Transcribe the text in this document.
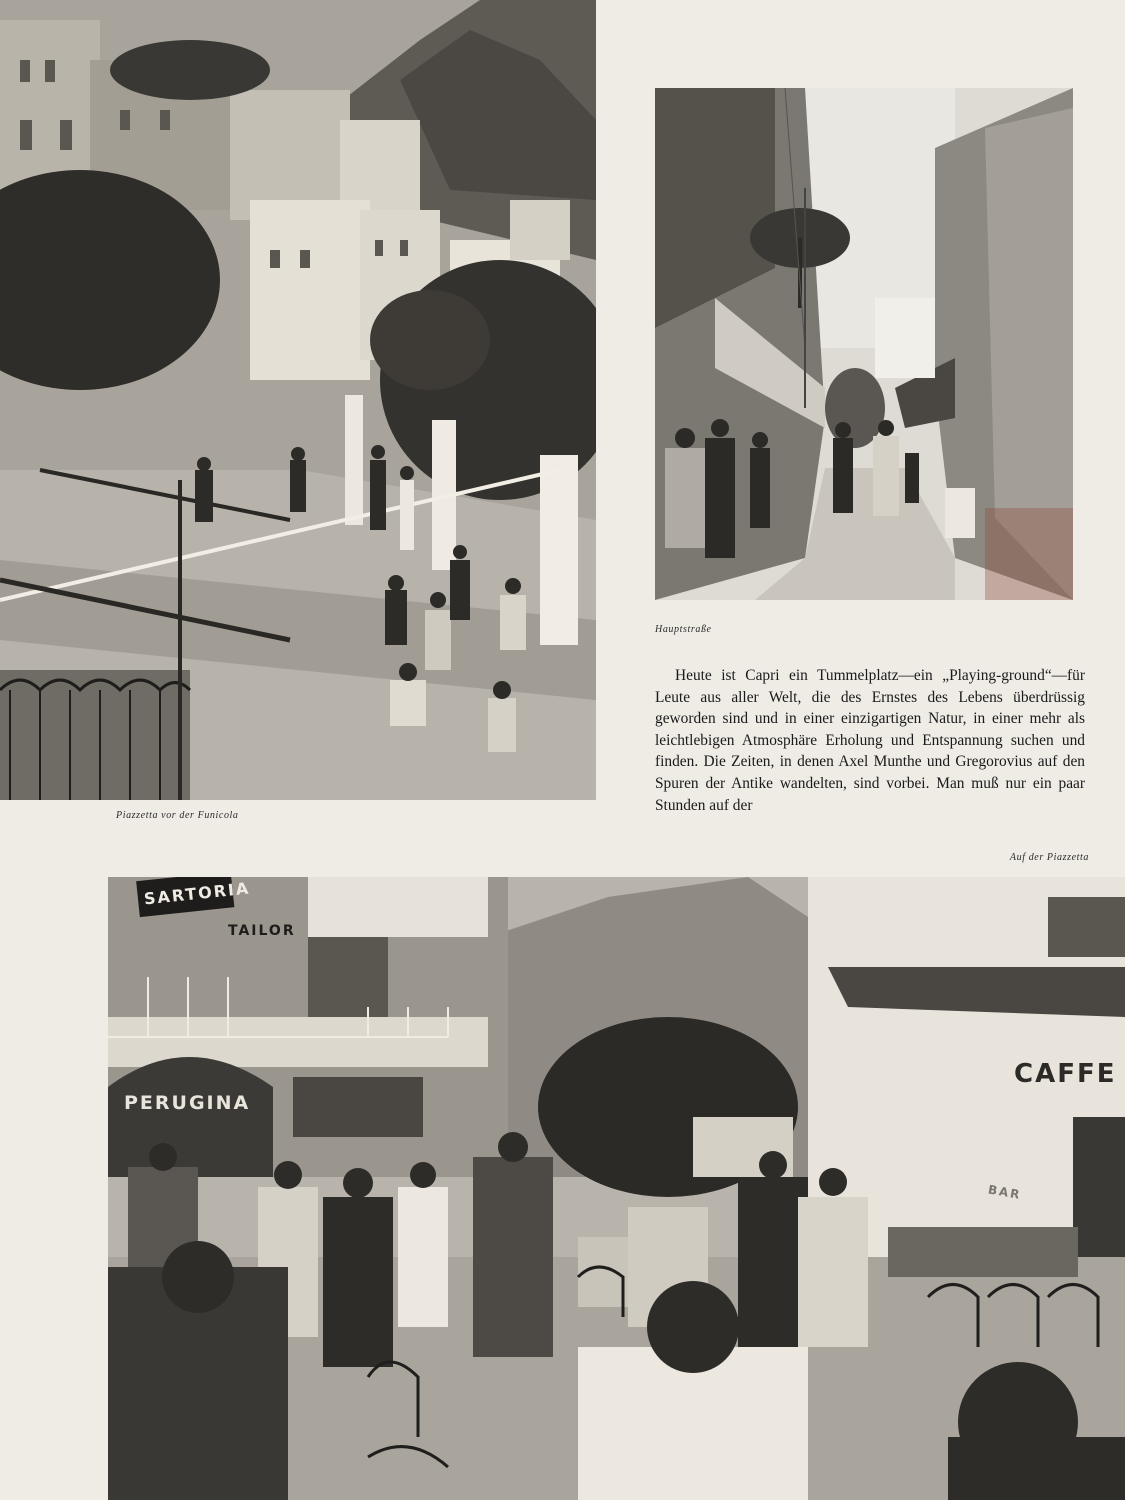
Piazzetta vor der Funicola
Hauptstraße

Heute ist Capri ein Tummelplatz—ein „Playing-ground“—für Leute aus aller Welt, die des Ernstes des Lebens überdrüssig geworden sind und in einer einzigartigen Natur, in einer mehr als leichtlebigen Atmosphäre Erholung und Entspannung suchen und finden. Die Zeiten, in denen Axel Munthe und Gregorovius auf den Spuren der Antike wandelten, sind vorbei. Man muß nur ein paar Stunden auf der

Auf der Piazzetta
SARTORIA
TAILOR
PERUGINA
CAFFE
BAR
